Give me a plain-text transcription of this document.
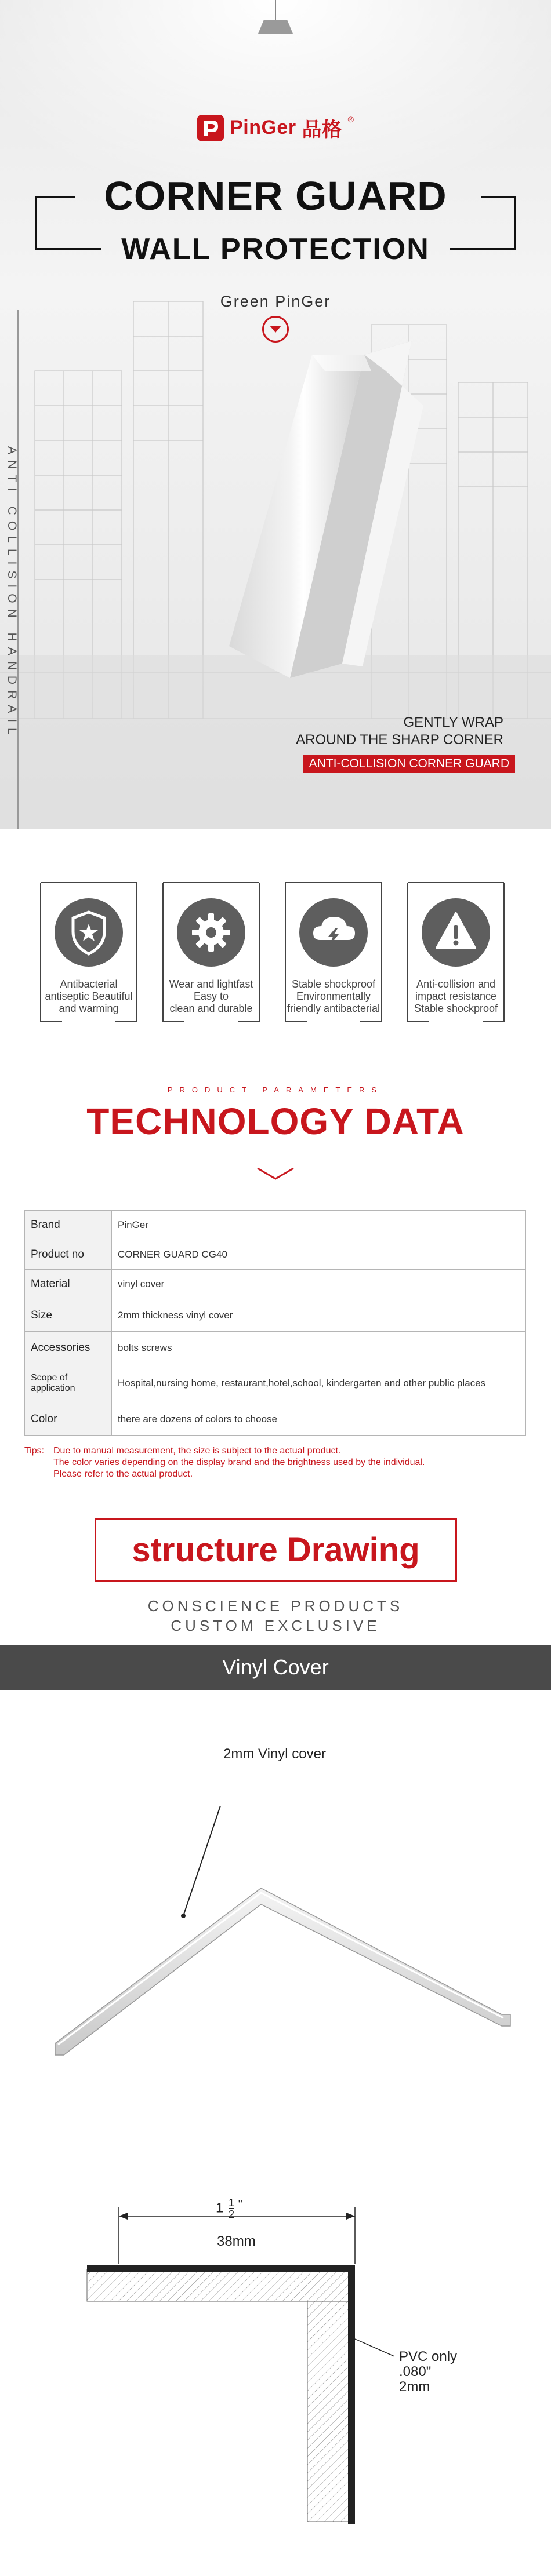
PinGer 品格 ®
CORNER GUARD
WALL PROTECTION
Green PinGer
ANTI COLLISION HANDRAIL	GENTLY WRAP
AROUND THE SHARP CORNER
ANTI-COLLISION CORNER GUARD
Antibacterial
antiseptic Beautiful
and warming
Wear and lightfast
Easy to
clean and durable
Stable shockproof
Environmentally
friendly antibacterial
Anti-collision and
impact resistance
Stable shockproof
PRODUCT PARAMETERS
TECHNOLOGY DATA
Brand	PinGer
Product no	CORNER GUARD CG40
Material	vinyl cover
Size	2mm thickness vinyl cover
Accessories	bolts screws
Scope of application	Hospital,nursing home, restaurant,hotel,school, kindergarten and other public places
Color	there are dozens of colors to choose
Tips: Due to manual measurement, the size is subject to the actual product.
The color varies depending on the display brand and the brightness used by the individual.
Please refer to the actual product.
structure Drawing
CONSCIENCE PRODUCTS
CUSTOM EXCLUSIVE
Vinyl Cover
2mm Vinyl cover
$1 \frac{1}{2} ^"$
38mm
PVC only
.080"
2mm
